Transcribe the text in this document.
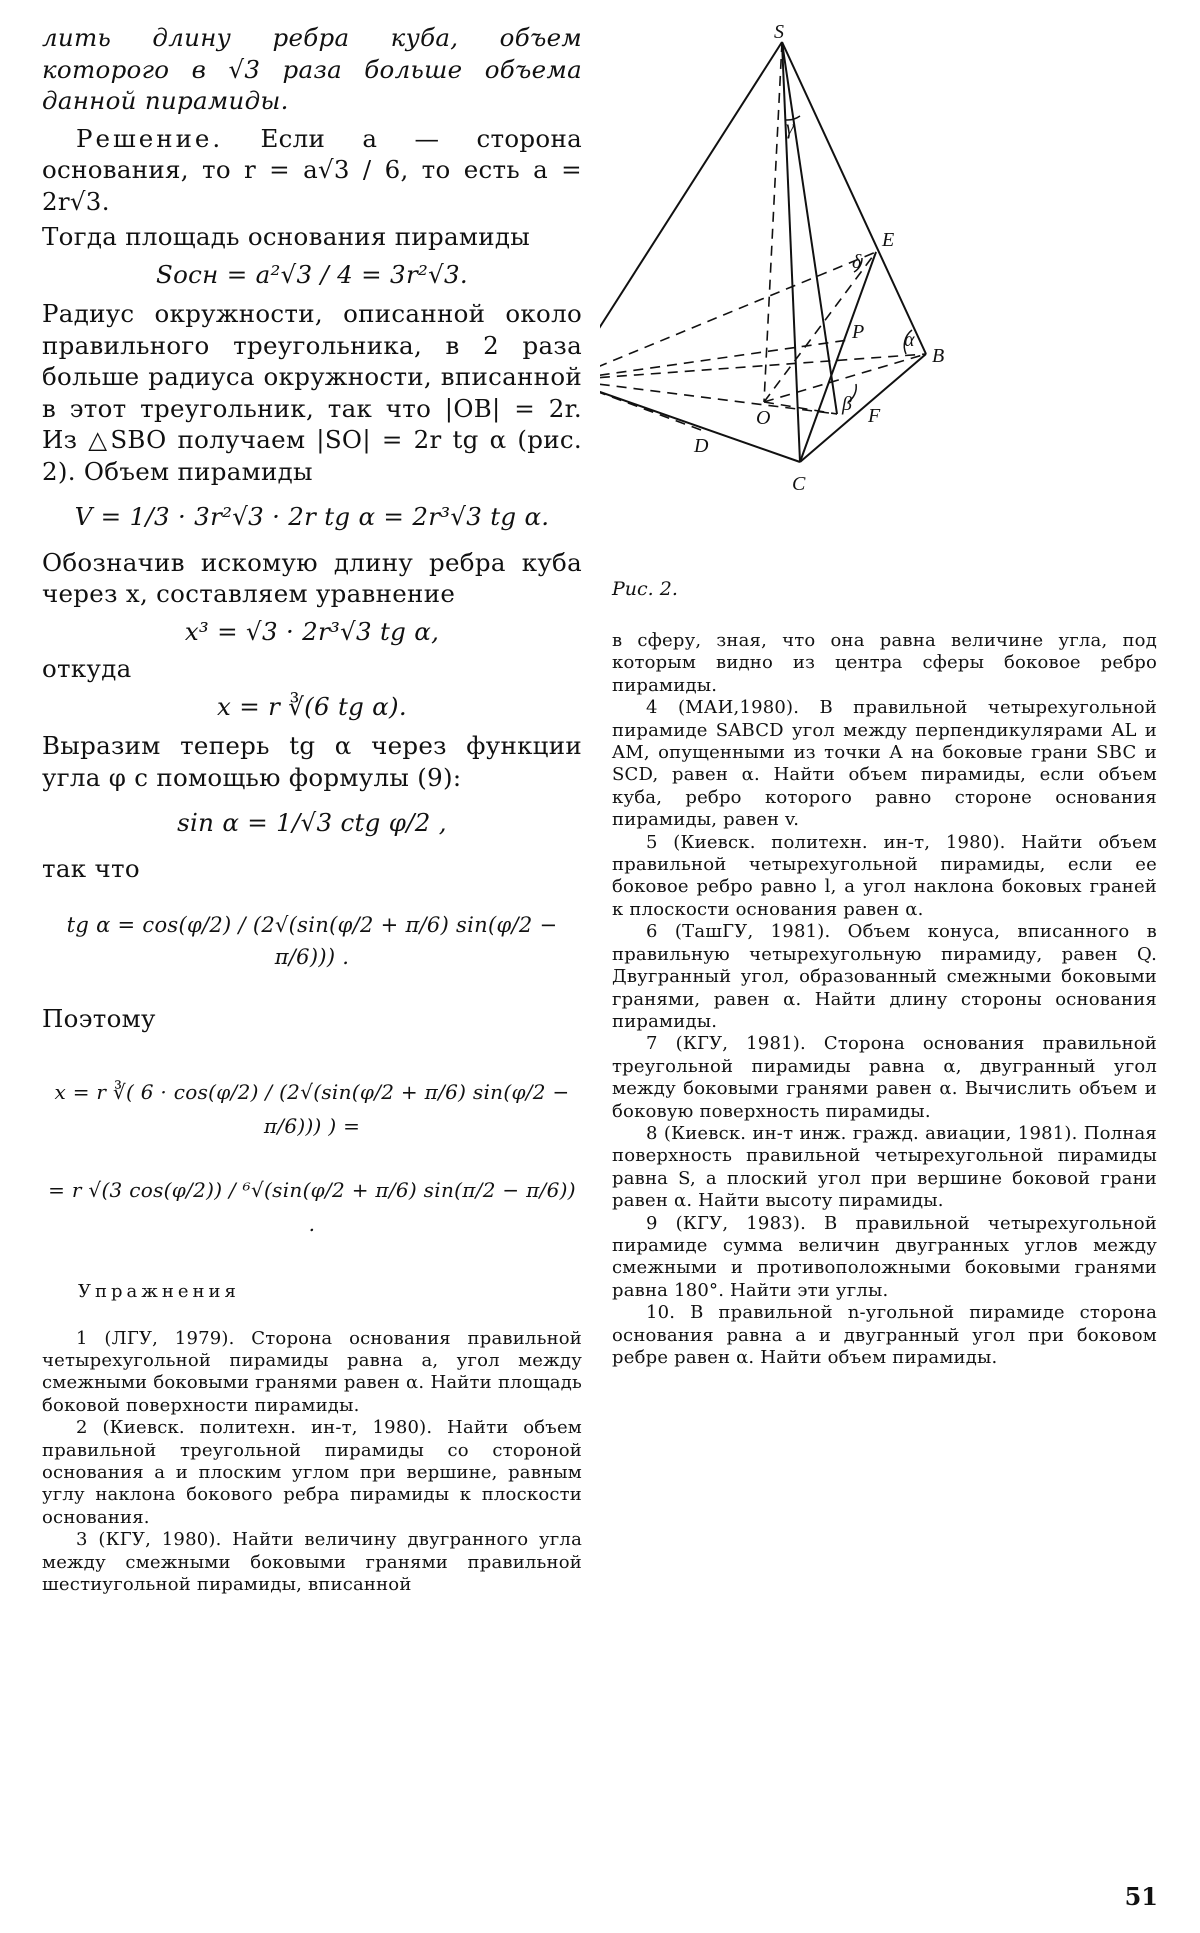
лить длину ребра куба, объем которого в √3 раза больше объема данной пирамиды.

Решение. Если a — сторона основания, то r = a√3 / 6, то есть a = 2r√3.

Тогда площадь основания пирамиды

Sосн = a²√3 / 4 = 3r²√3.

Радиус окружности, описанной около правильного треугольника, в 2 раза больше радиуса окружности, вписанной в этот треугольник, так что |OB| = 2r. Из △SBO получаем |SO| = 2r tg α (рис. 2). Объем пирамиды

V = 1/3 · 3r²√3 · 2r tg α = 2r³√3 tg α.

Обозначив искомую длину ребра куба через x, составляем уравнение

x³ = √3 · 2r³√3 tg α,

откуда

x = r ∛(6 tg α).

Выразим теперь tg α через функции угла φ с помощью формулы (9):

sin α = 1/√3 ctg φ/2 ,

так что

tg α = cos(φ/2) / (2√(sin(φ/2 + π/6) sin(φ/2 − π/6))) .

Поэтому

x = r ∛( 6 · cos(φ/2) / (2√(sin(φ/2 + π/6) sin(φ/2 − π/6))) ) =

= r √(3 cos(φ/2)) / ⁶√(sin(φ/2 + π/6) sin(π/2 − π/6)) .

Упражнения

1 (ЛГУ, 1979). Сторона основания правильной четырехугольной пирамиды равна a, угол между смежными боковыми гранями равен α. Найти площадь боковой поверхности пирамиды.

2 (Киевск. политехн. ин-т, 1980). Найти объем правильной треугольной пирамиды со стороной основания a и плоским углом при вершине, равным углу наклона бокового ребра пирамиды к плоскости основания.

3 (КГУ, 1980). Найти величину двугранного угла между смежными боковыми гранями правильной шестиугольной пирамиды, вписанной

S
B
C
D
E
F
O
P α
β
γ
δ
Рис. 2.

в сферу, зная, что она равна величине угла, под которым видно из центра сферы боковое ребро пирамиды.

4 (МАИ,1980). В правильной четырехугольной пирамиде SABCD угол между перпендикулярами AL и AM, опущенными из точки A на боковые грани SBC и SCD, равен α. Найти объем пирамиды, если объем куба, ребро которого равно стороне основания пирамиды, равен v.

5 (Киевск. политехн. ин-т, 1980). Найти объем правильной четырехугольной пирамиды, если ее боковое ребро равно l, а угол наклона боковых граней к плоскости основания равен α.

6 (ТашГУ, 1981). Объем конуса, вписанного в правильную четырехугольную пирамиду, равен Q. Двугранный угол, образованный смежными боковыми гранями, равен α. Найти длину стороны основания пирамиды.

7 (КГУ, 1981). Сторона основания правильной треугольной пирамиды равна α, двугранный угол между боковыми гранями равен α. Вычислить объем и боковую поверхность пирамиды.

8 (Киевск. ин-т инж. гражд. авиации, 1981). Полная поверхность правильной четырехугольной пирамиды равна S, а плоский угол при вершине боковой грани равен α. Найти высоту пирамиды.

9 (КГУ, 1983). В правильной четырехугольной пирамиде сумма величин двугранных углов между смежными и противоположными боковыми гранями равна 180°. Найти эти углы.

10. В правильной n-угольной пирамиде сторона основания равна a и двугранный угол при боковом ребре равен α. Найти объем пирамиды.

51
